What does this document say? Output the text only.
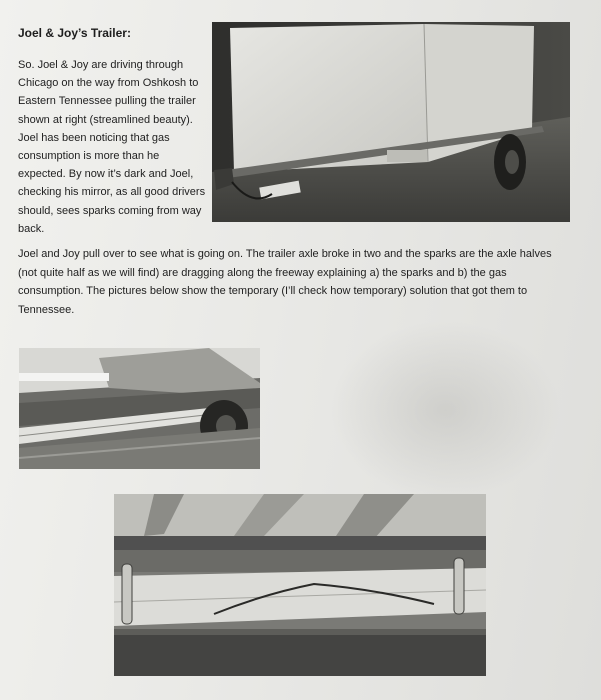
Joel & Joy’s Trailer:

So. Joel & Joy are driving through Chicago on the way from Oshkosh to Eastern Tennessee pulling the trailer shown at right (streamlined beauty). Joel has been noticing that gas consumption is more than he expected. By now it’s dark and Joel, checking his mirror, as all good drivers should, sees sparks coming from way back.

Joel and Joy pull over to see what is going on. The trailer axle broke in two and the sparks are the axle halves (not quite half as we will find) are dragging along the freeway explaining a) the sparks and b) the gas consumption. The pictures below show the temporary (I’ll check how temporary) solution that got them to Tennessee.
